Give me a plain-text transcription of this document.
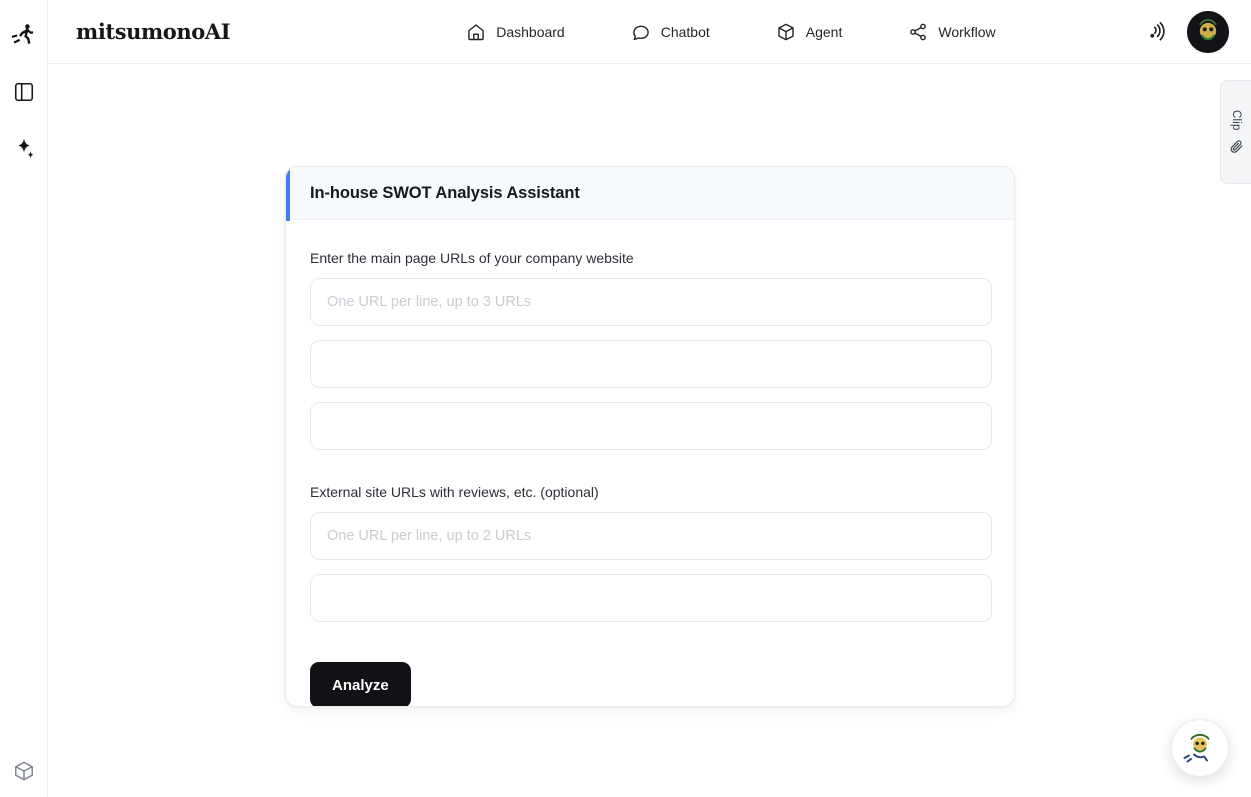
mitsumonoAI	Dashboard	Chatbot	Agent	Workflow
Clip
In-house SWOT Analysis Assistant
Enter the main page URLs of your company website
One URL per line, up to 3 URLs
External site URLs with reviews, etc. (optional)
One URL per line, up to 2 URLs
Analyze
